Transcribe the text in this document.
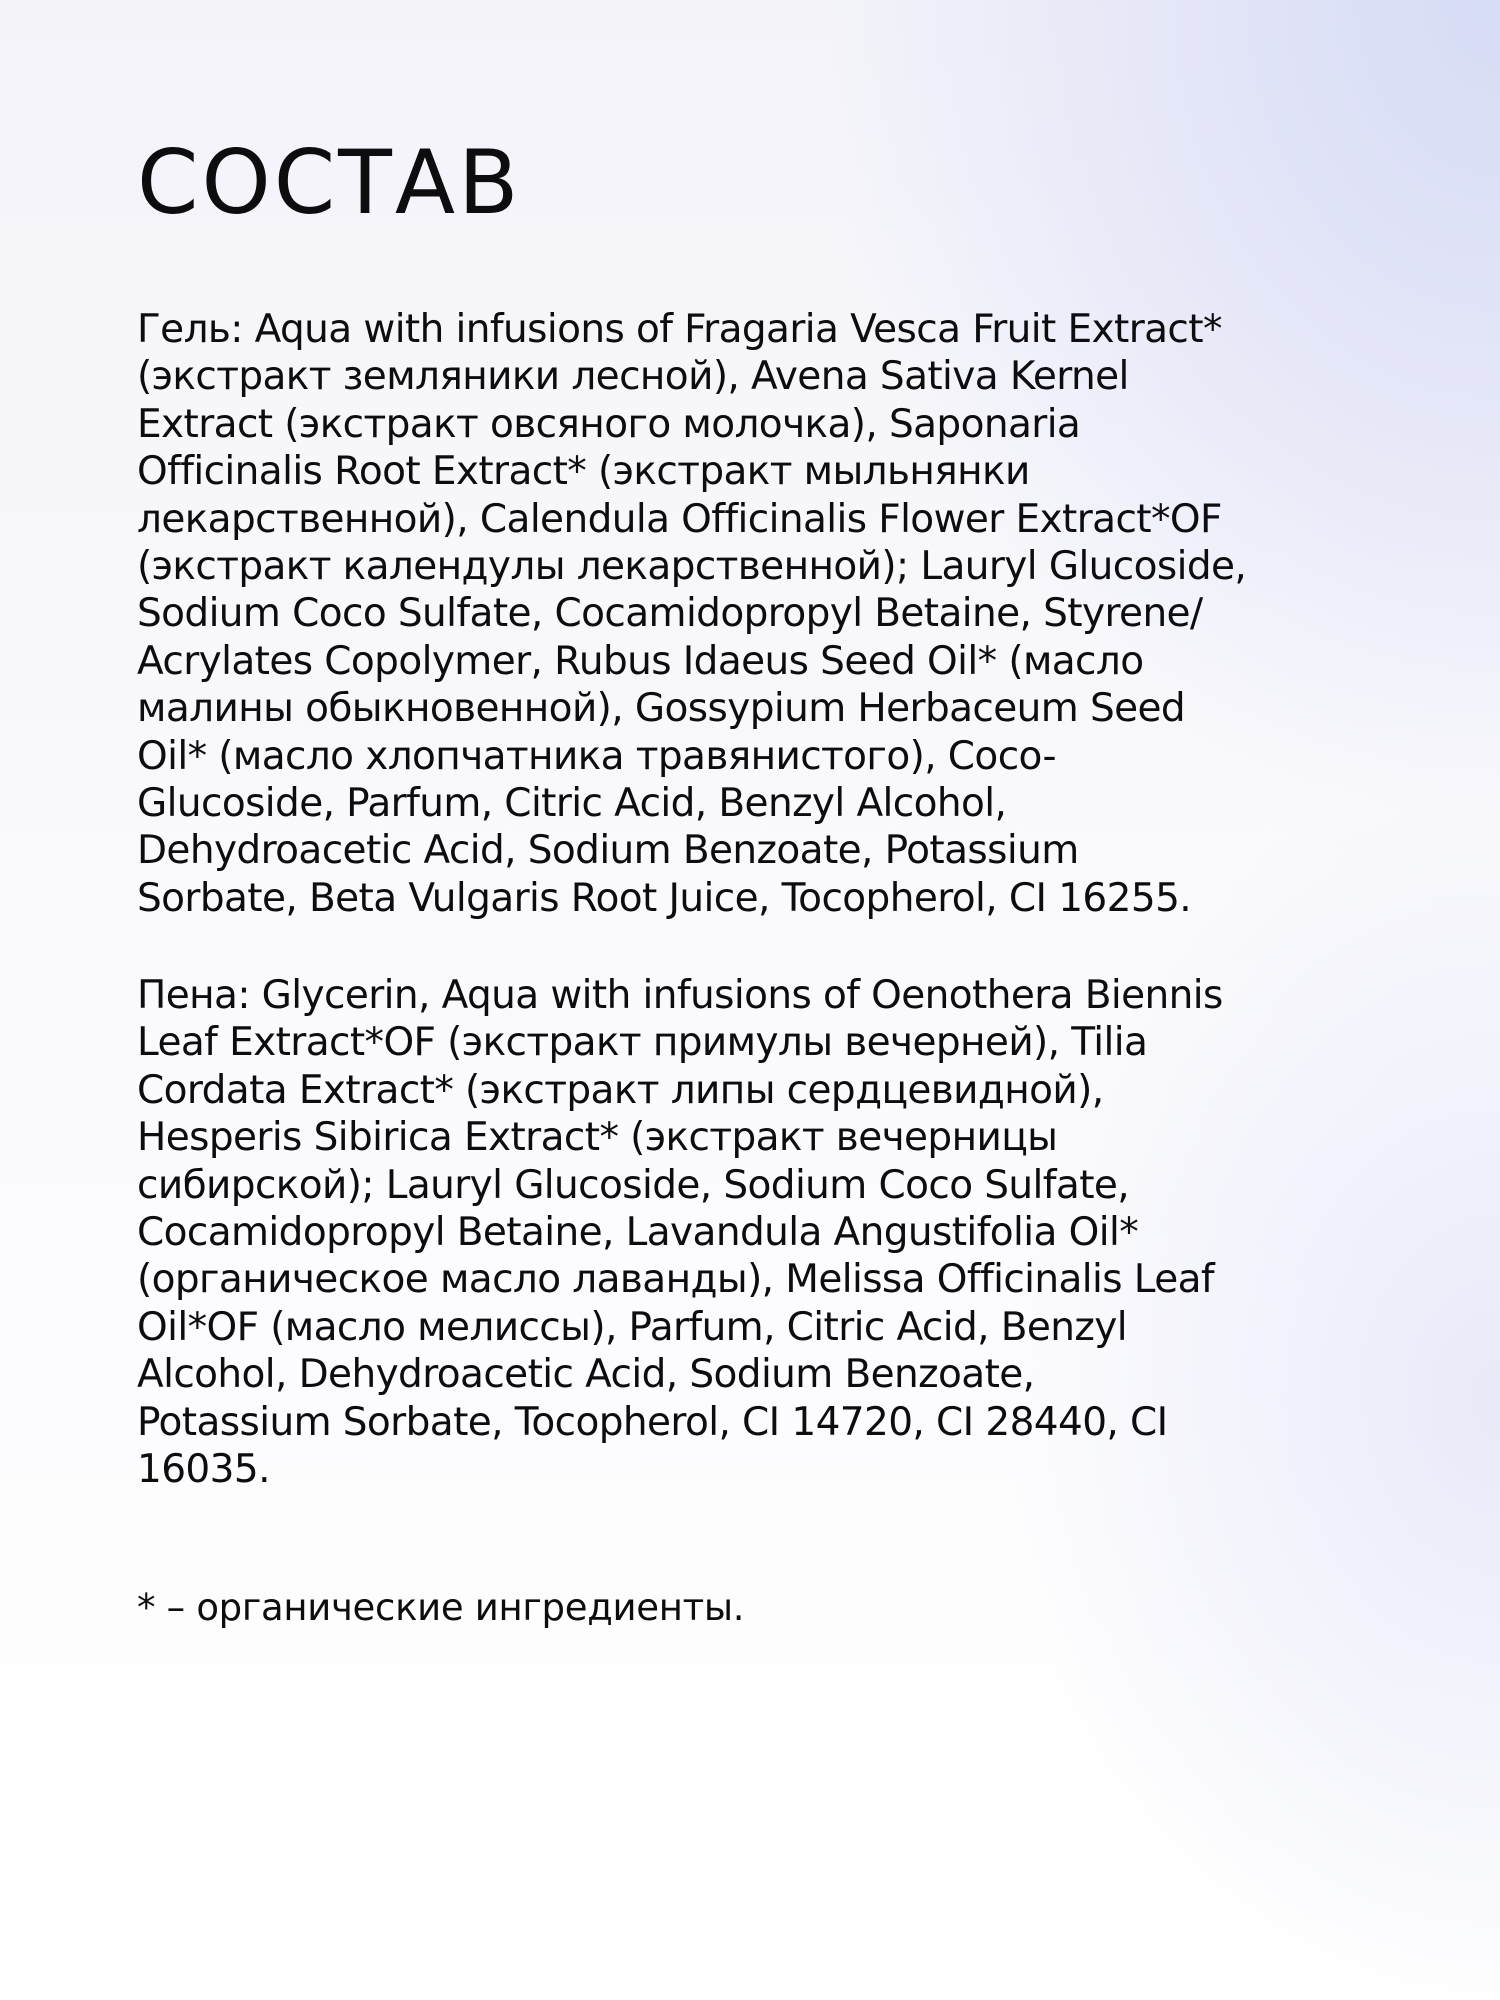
СОСТАВ

Гель: Aqua with infusions of Fragaria Vesca Fruit Extract*
(экстракт земляники лесной), Avena Sativa Kernel
Extract (экстракт овсяного молочка), Saponaria
Officinalis Root Extract* (экстракт мыльнянки
лекарственной), Calendula Officinalis Flower Extract*OF
(экстракт календулы лекарственной); Lauryl Glucoside,
Sodium Coco Sulfate, Cocamidopropyl Betaine, Styrene/
Acrylates Copolymer, Rubus Idaeus Seed Oil* (масло
малины обыкновенной), Gossypium Herbaceum Seed
Oil* (масло хлопчатника травянистого), Coco-
Glucoside, Parfum, Citric Acid, Benzyl Alcohol,
Dehydroacetic Acid, Sodium Benzoate, Potassium
Sorbate, Beta Vulgaris Root Juice, Tocopherol, CI 16255.

Пена: Glycerin, Aqua with infusions of Oenothera Biennis
Leaf Extract*OF (экстракт примулы вечерней), Tilia
Cordata Extract* (экстракт липы сердцевидной),
Hesperis Sibirica Extract* (экстракт вечерницы
сибирской); Lauryl Glucoside, Sodium Coco Sulfate,
Cocamidopropyl Betaine, Lavandula Angustifolia Oil*
(органическое масло лаванды), Melissa Officinalis Leaf
Oil*OF (масло мелиссы), Parfum, Citric Acid, Benzyl
Alcohol, Dehydroacetic Acid, Sodium Benzoate,
Potassium Sorbate, Tocopherol, CI 14720, CI 28440, CI
16035.

* – органические ингредиенты.
